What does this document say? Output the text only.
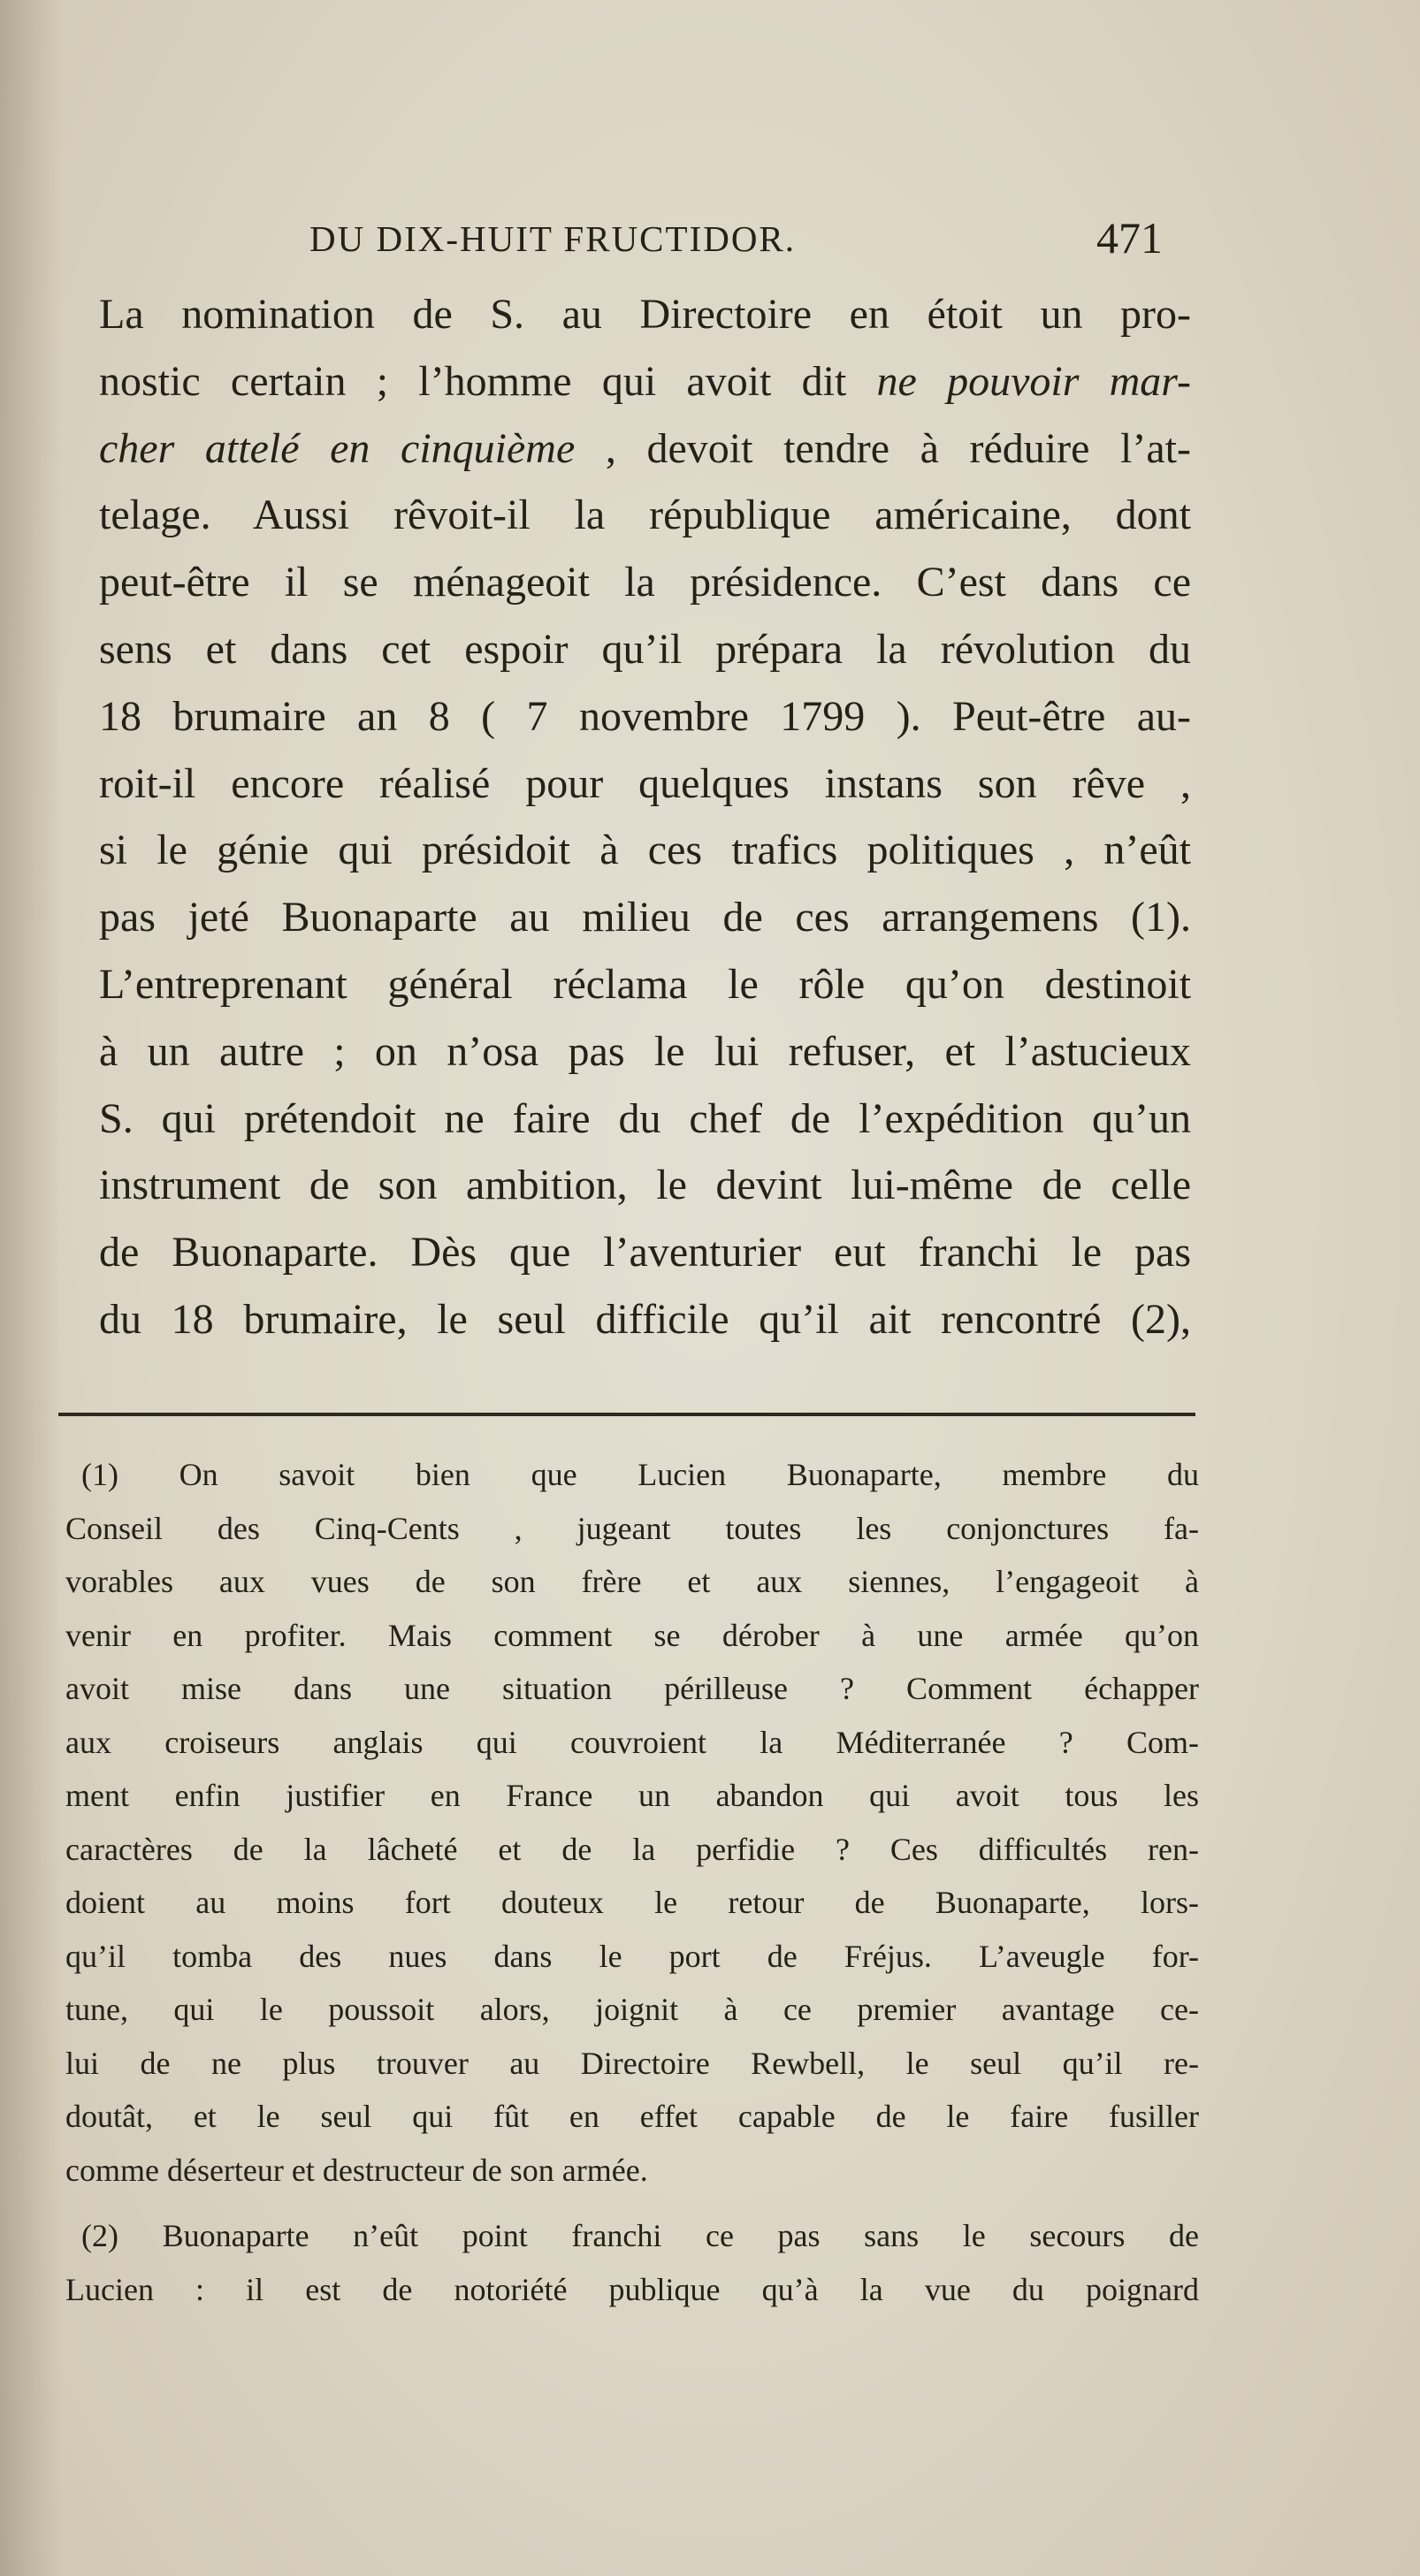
DU DIX-HUIT FRUCTIDOR.	471
La nomination de S. au Directoire en étoit un pro-
nostic certain ; l’homme qui avoit dit ne pouvoir mar-
cher attelé en cinquième , devoit tendre à réduire l’at-
telage. Aussi rêvoit-il la république américaine, dont
peut-être il se ménageoit la présidence. C’est dans ce
sens et dans cet espoir qu’il prépara la révolution du
18 brumaire an 8 ( 7 novembre 1799 ). Peut-être au-
roit-il encore réalisé pour quelques instans son rêve ,
si le génie qui présidoit à ces trafics politiques , n’eût
pas jeté Buonaparte au milieu de ces arrangemens (1).
L’entreprenant général réclama le rôle qu’on destinoit
à un autre ; on n’osa pas le lui refuser, et l’astucieux
S. qui prétendoit ne faire du chef de l’expédition qu’un
instrument de son ambition, le devint lui-même de celle
de Buonaparte. Dès que l’aventurier eut franchi le pas
du 18 brumaire, le seul difficile qu’il ait rencontré (2),
(1) On savoit bien que Lucien Buonaparte, membre du
Conseil des Cinq-Cents , jugeant toutes les conjonctures fa-
vorables aux vues de son frère et aux siennes, l’engageoit à
venir en profiter. Mais comment se dérober à une armée qu’on
avoit mise dans une situation périlleuse ? Comment échapper
aux croiseurs anglais qui couvroient la Méditerranée ? Com-
ment enfin justifier en France un abandon qui avoit tous les
caractères de la lâcheté et de la perfidie ? Ces difficultés ren-
doient au moins fort douteux le retour de Buonaparte, lors-
qu’il tomba des nues dans le port de Fréjus. L’aveugle for-
tune, qui le poussoit alors, joignit à ce premier avantage ce-
lui de ne plus trouver au Directoire Rewbell, le seul qu’il re-
doutât, et le seul qui fût en effet capable de le faire fusiller
comme déserteur et destructeur de son armée.
(2) Buonaparte n’eût point franchi ce pas sans le secours de
Lucien : il est de notoriété publique qu’à la vue du poignard
